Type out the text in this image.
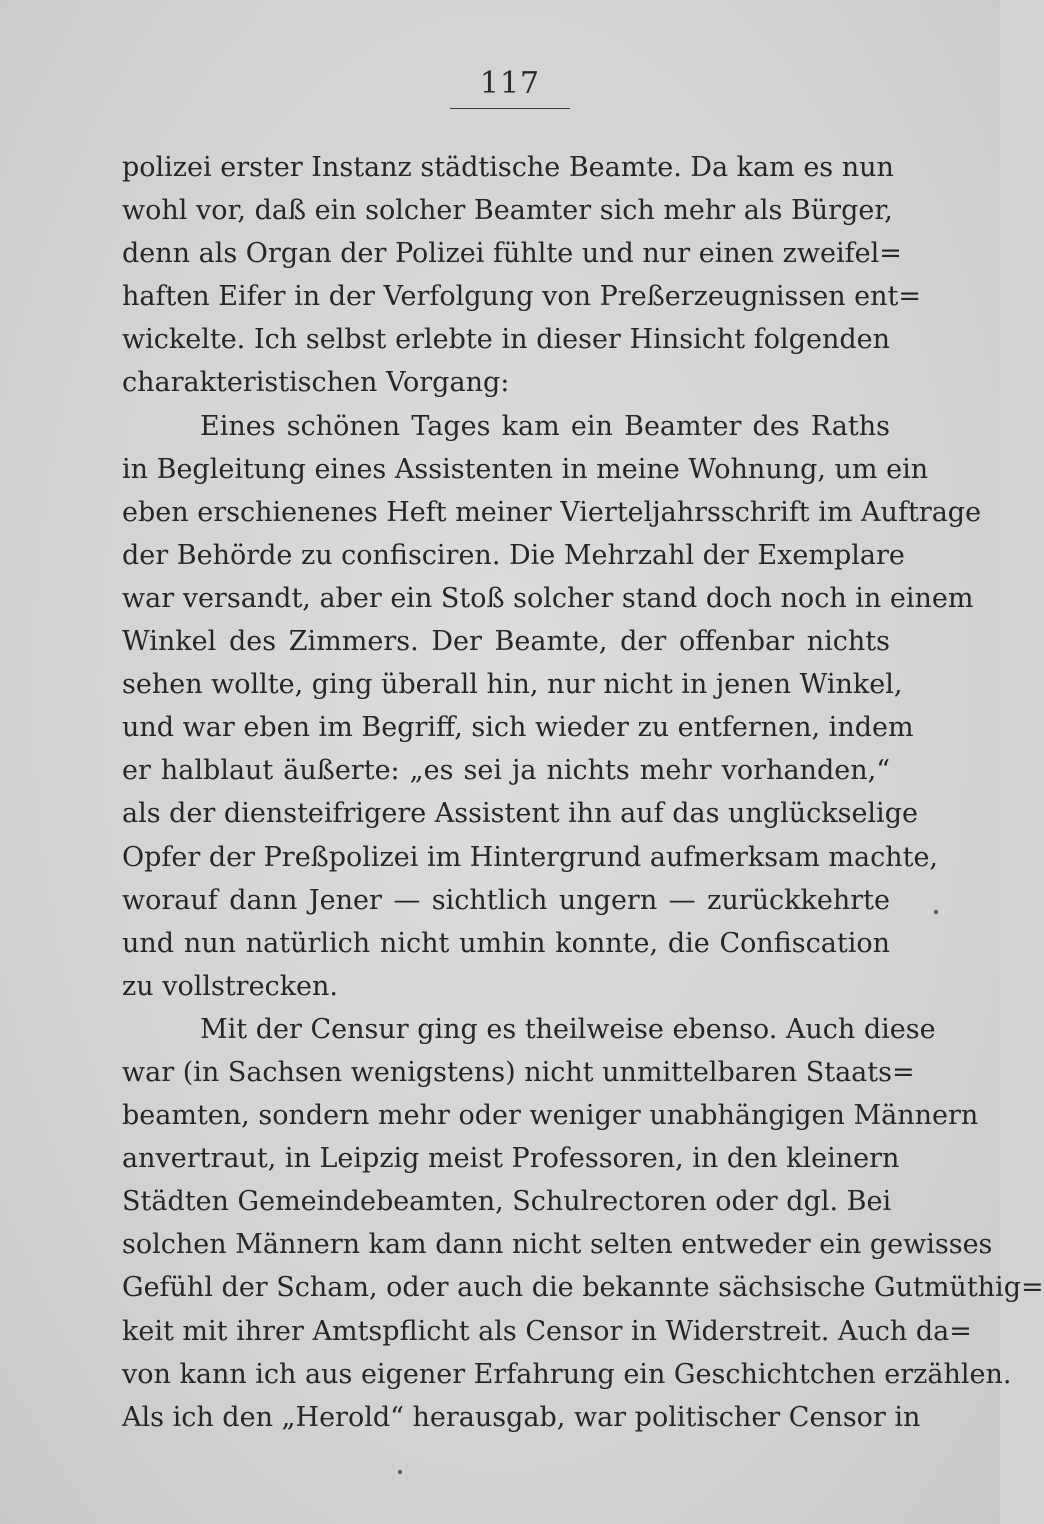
117
polizei erster Instanz städtische Beamte. Da kam es nun
wohl vor, daß ein solcher Beamter sich mehr als Bürger,
denn als Organ der Polizei fühlte und nur einen zweifel=
haften Eifer in der Verfolgung von Preßerzeugnissen ent=
wickelte. Ich selbst erlebte in dieser Hinsicht folgenden
charakteristischen Vorgang:
Eines schönen Tages kam ein Beamter des Raths
in Begleitung eines Assistenten in meine Wohnung, um ein
eben erschienenes Heft meiner Vierteljahrsschrift im Auftrage
der Behörde zu confisciren. Die Mehrzahl der Exemplare
war versandt, aber ein Stoß solcher stand doch noch in einem
Winkel des Zimmers. Der Beamte, der offenbar nichts
sehen wollte, ging überall hin, nur nicht in jenen Winkel,
und war eben im Begriff, sich wieder zu entfernen, indem
er halblaut äußerte: „es sei ja nichts mehr vorhanden,“
als der diensteifrigere Assistent ihn auf das unglückselige
Opfer der Preßpolizei im Hintergrund aufmerksam machte,
worauf dann Jener — sichtlich ungern — zurückkehrte
und nun natürlich nicht umhin konnte, die Confiscation
zu vollstrecken.
Mit der Censur ging es theilweise ebenso. Auch diese
war (in Sachsen wenigstens) nicht unmittelbaren Staats=
beamten, sondern mehr oder weniger unabhängigen Männern
anvertraut, in Leipzig meist Professoren, in den kleinern
Städten Gemeindebeamten, Schulrectoren oder dgl. Bei
solchen Männern kam dann nicht selten entweder ein gewisses
Gefühl der Scham, oder auch die bekannte sächsische Gutmüthig=
keit mit ihrer Amtspflicht als Censor in Widerstreit. Auch da=
von kann ich aus eigener Erfahrung ein Geschichtchen erzählen.
Als ich den „Herold“ herausgab, war politischer Censor in
